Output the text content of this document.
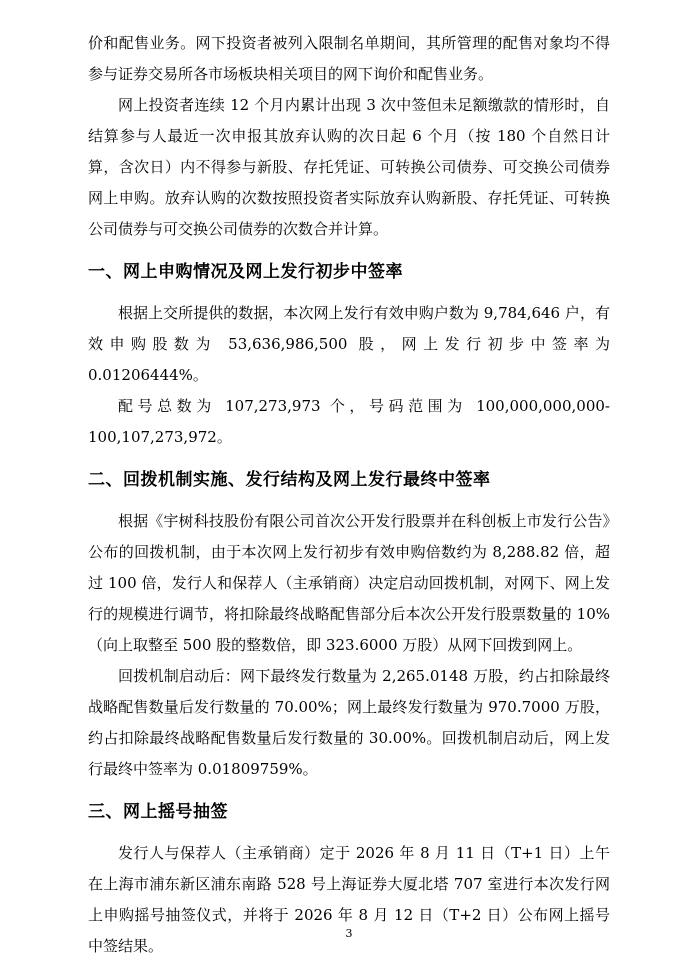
价和配售业务。网下投资者被列入限制名单期间，其所管理的配售对象均不得参与证券交易所各市场板块相关项目的网下询价和配售业务。

网上投资者连续 12 个月内累计出现 3 次中签但未足额缴款的情形时，自结算参与人最近一次申报其放弃认购的次日起 6 个月（按 180 个自然日计算，含次日）内不得参与新股、存托凭证、可转换公司债券、可交换公司债券网上申购。放弃认购的次数按照投资者实际放弃认购新股、存托凭证、可转换公司债券与可交换公司债券的次数合并计算。

一、网上申购情况及网上发行初步中签率

根据上交所提供的数据，本次网上发行有效申购户数为 9,784,646 户，有效申购股数为 53,636,986,500 股，网上发行初步中签率为 0.01206444%。

配号总数为 107,273,973 个，号码范围为 100,000,000,000-100,107,273,972。

二、回拨机制实施、发行结构及网上发行最终中签率

根据《宇树科技股份有限公司首次公开发行股票并在科创板上市发行公告》公布的回拨机制，由于本次网上发行初步有效申购倍数约为 8,288.82 倍，超过 100 倍，发行人和保荐人（主承销商）决定启动回拨机制，对网下、网上发行的规模进行调节，将扣除最终战略配售部分后本次公开发行股票数量的 10%（向上取整至 500 股的整数倍，即 323.6000 万股）从网下回拨到网上。

回拨机制启动后：网下最终发行数量为 2,265.0148 万股，约占扣除最终战略配售数量后发行数量的 70.00%；网上最终发行数量为 970.7000 万股，约占扣除最终战略配售数量后发行数量的 30.00%。回拨机制启动后，网上发行最终中签率为 0.01809759%。

三、网上摇号抽签

发行人与保荐人（主承销商）定于 2026 年 8 月 11 日（T+1 日）上午在上海市浦东新区浦东南路 528 号上海证券大厦北塔 707 室进行本次发行网上申购摇号抽签仪式，并将于 2026 年 8 月 12 日（T+2 日）公布网上摇号中签结果。

3
